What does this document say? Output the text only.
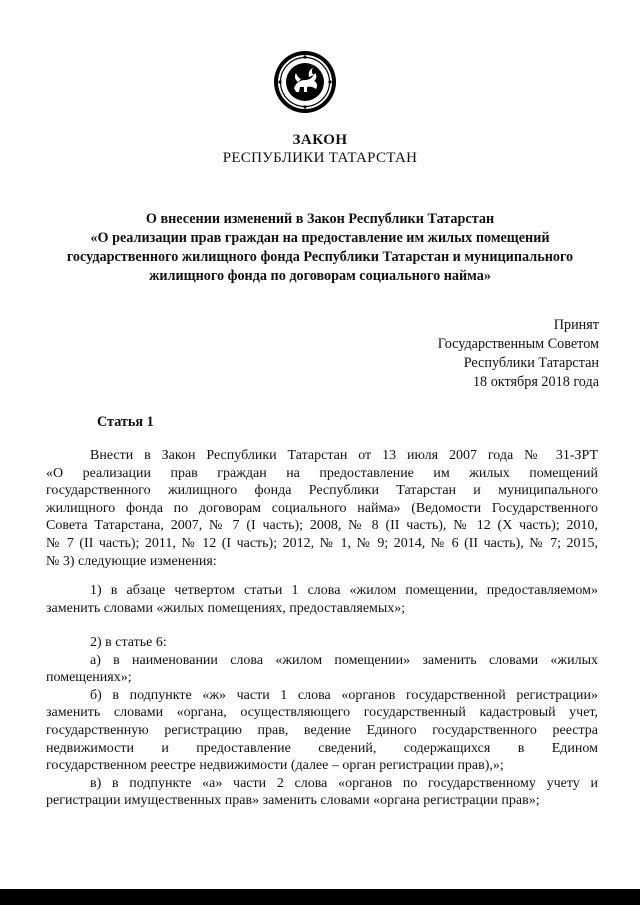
ЗАКОН
РЕСПУБЛИКИ ТАТАРСТАН
О внесении изменений в Закон Республики Татарстан
«О реализации прав граждан на предоставление им жилых помещений
государственного жилищного фонда Республики Татарстан и муниципального
жилищного фонда по договорам социального найма»
Принят
Государственным Советом
Республики Татарстан
18 октября 2018 года
Статья 1
Внести в Закон Республики Татарстан от 13 июля 2007 года № 31-ЗРТ
«О реализации прав граждан на предоставление им жилых помещений
государственного жилищного фонда Республики Татарстан и муниципального
жилищного фонда по договорам социального найма» (Ведомости Государственного
Совета Татарстана, 2007, № 7 (I часть); 2008, № 8 (II часть), № 12 (X часть); 2010,
№ 7 (II часть); 2011, № 12 (I часть); 2012, № 1, № 9; 2014, № 6 (II часть), № 7; 2015,
№ 3) следующие изменения:
1) в абзаце четвертом статьи 1 слова «жилом помещении, предоставляемом»
заменить словами «жилых помещениях, предоставляемых»;
2) в статье 6:
а) в наименовании слова «жилом помещении» заменить словами «жилых
помещениях»;
б) в подпункте «ж» части 1 слова «органов государственной регистрации»
заменить словами «органа, осуществляющего государственный кадастровый учет,
государственную регистрацию прав, ведение Единого государственного реестра
недвижимости и предоставление сведений, содержащихся в Едином
государственном реестре недвижимости (далее – орган регистрации прав),»;
в) в подпункте «а» части 2 слова «органов по государственному учету и
регистрации имущественных прав» заменить словами «органа регистрации прав»;
